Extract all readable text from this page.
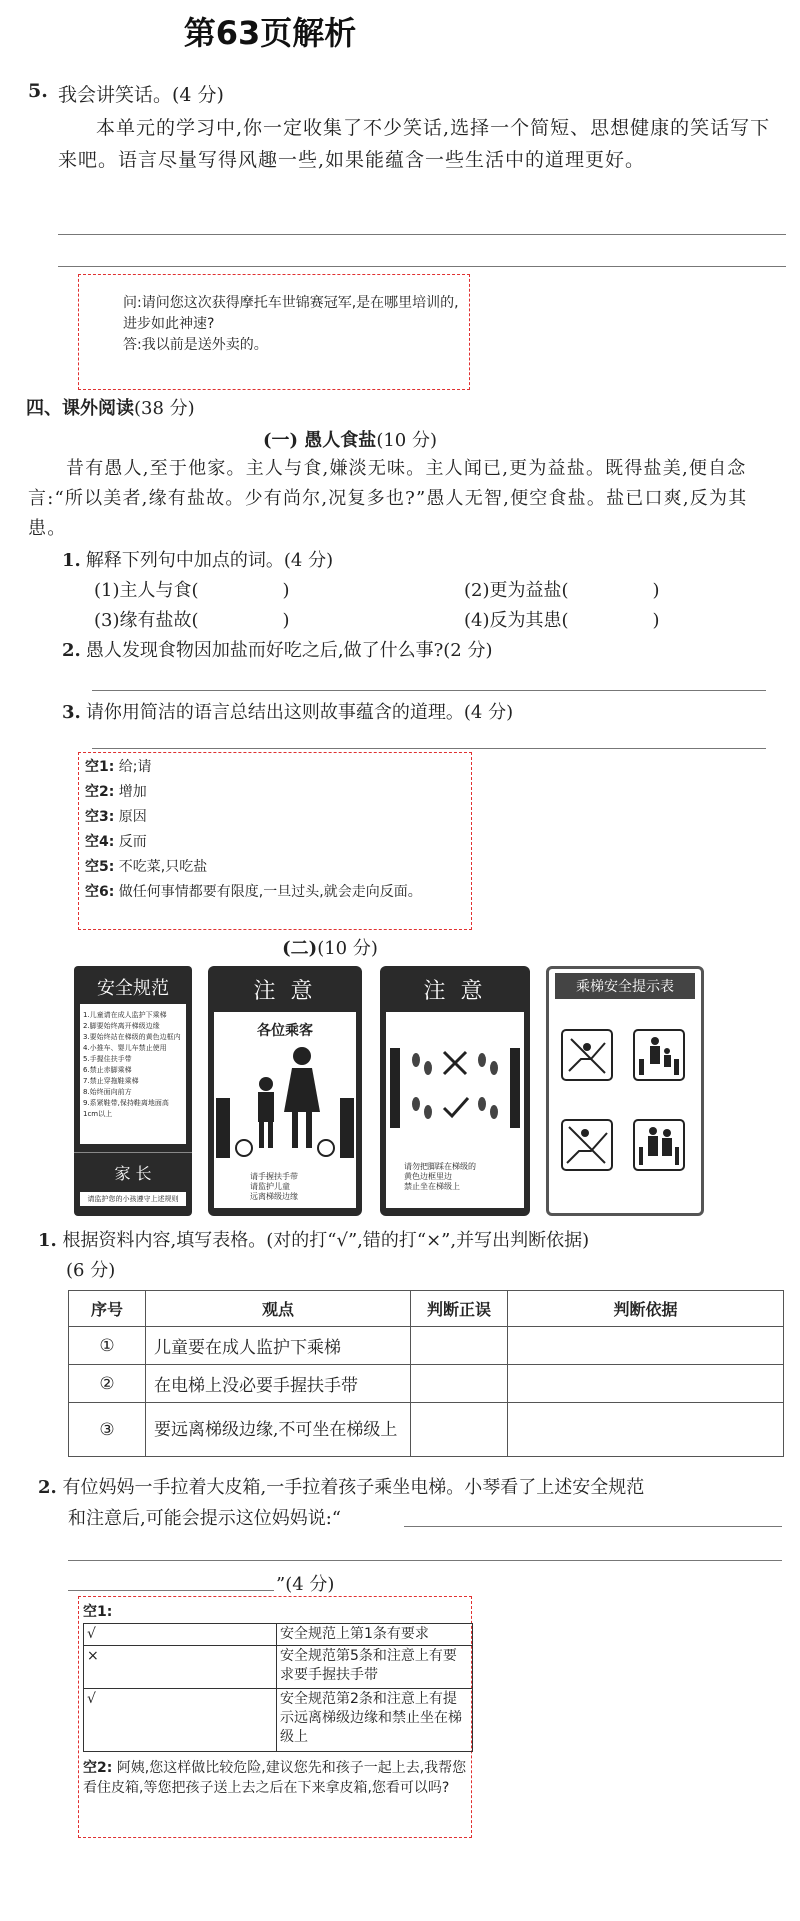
第63页解析
5. 我会讲笑话。(4 分)
本单元的学习中,你一定收集了不少笑话,选择一个简短、思想健康的笑话写下来吧。语言尽量写得风趣一些,如果能蕴含一些生活中的道理更好。
问:请问您这次获得摩托车世锦赛冠军,是在哪里培训的,进步如此神速?
答:我以前是送外卖的。
四、课外阅读(38 分)
(一) 愚人食盐(10 分)
昔有愚人,至于他家。主人与食,嫌淡无味。主人闻已,更为益盐。既得盐美,便自念言:“所以美者,缘有盐故。少有尚尔,况复多也?”愚人无智,便空食盐。盐已口爽,反为其患。
1. 解释下列句中加点的词。(4 分)
(1)主人与食(	)	(2)更为益盐(	)
(3)缘有盐故(	)	(4)反为其患(	)
2. 愚人发现食物因加盐而好吃之后,做了什么事?(2 分)
3. 请你用简洁的语言总结出这则故事蕴含的道理。(4 分)
空1: 给;请
空2: 增加
空3: 原因
空4: 反而
空5: 不吃菜,只吃盐
空6: 做任何事情都要有限度,一旦过头,就会走向反面。
(二)(10 分)
安全规范
1.儿童请在成人监护下乘梯
2.脚要始终离开梯级边缘
3.要始终站在梯级的黄色边框内
4.小推车、婴儿车禁止使用
5.手握住扶手带
6.禁止赤脚乘梯
7.禁止穿拖鞋乘梯
8.始终面向前方
9.系紧鞋带,保持鞋离地面高1cm以上
家 长
请监护您的小孩遵守上述规则
注 意
各位乘客
请手握扶手带
请监护儿童
远离梯级边缘
注 意
请勿把脚踩在梯级的
黄色边框里边
禁止坐在梯级上
乘梯安全提示表
1. 根据资料内容,填写表格。(对的打“√”,错的打“×”,并写出判断依据)
(6 分)
序号	观点	判断正误	判断依据
①	儿童要在成人监护下乘梯		
②	在电梯上没必要手握扶手带		
③	要远离梯级边缘,不可坐在梯级上		
2. 有位妈妈一手拉着大皮箱,一手拉着孩子乘坐电梯。小琴看了上述安全规范
和注意后,可能会提示这位妈妈说:“
”(4 分)
空1:
√	安全规范上第1条有要求
×	安全规范第5条和注意上有要求要手握扶手带
√	安全规范第2条和注意上有提示远离梯级边缘和禁止坐在梯级上
空2: 阿姨,您这样做比较危险,建议您先和孩子一起上去,我帮您看住皮箱,等您把孩子送上去之后在下来拿皮箱,您看可以吗?
